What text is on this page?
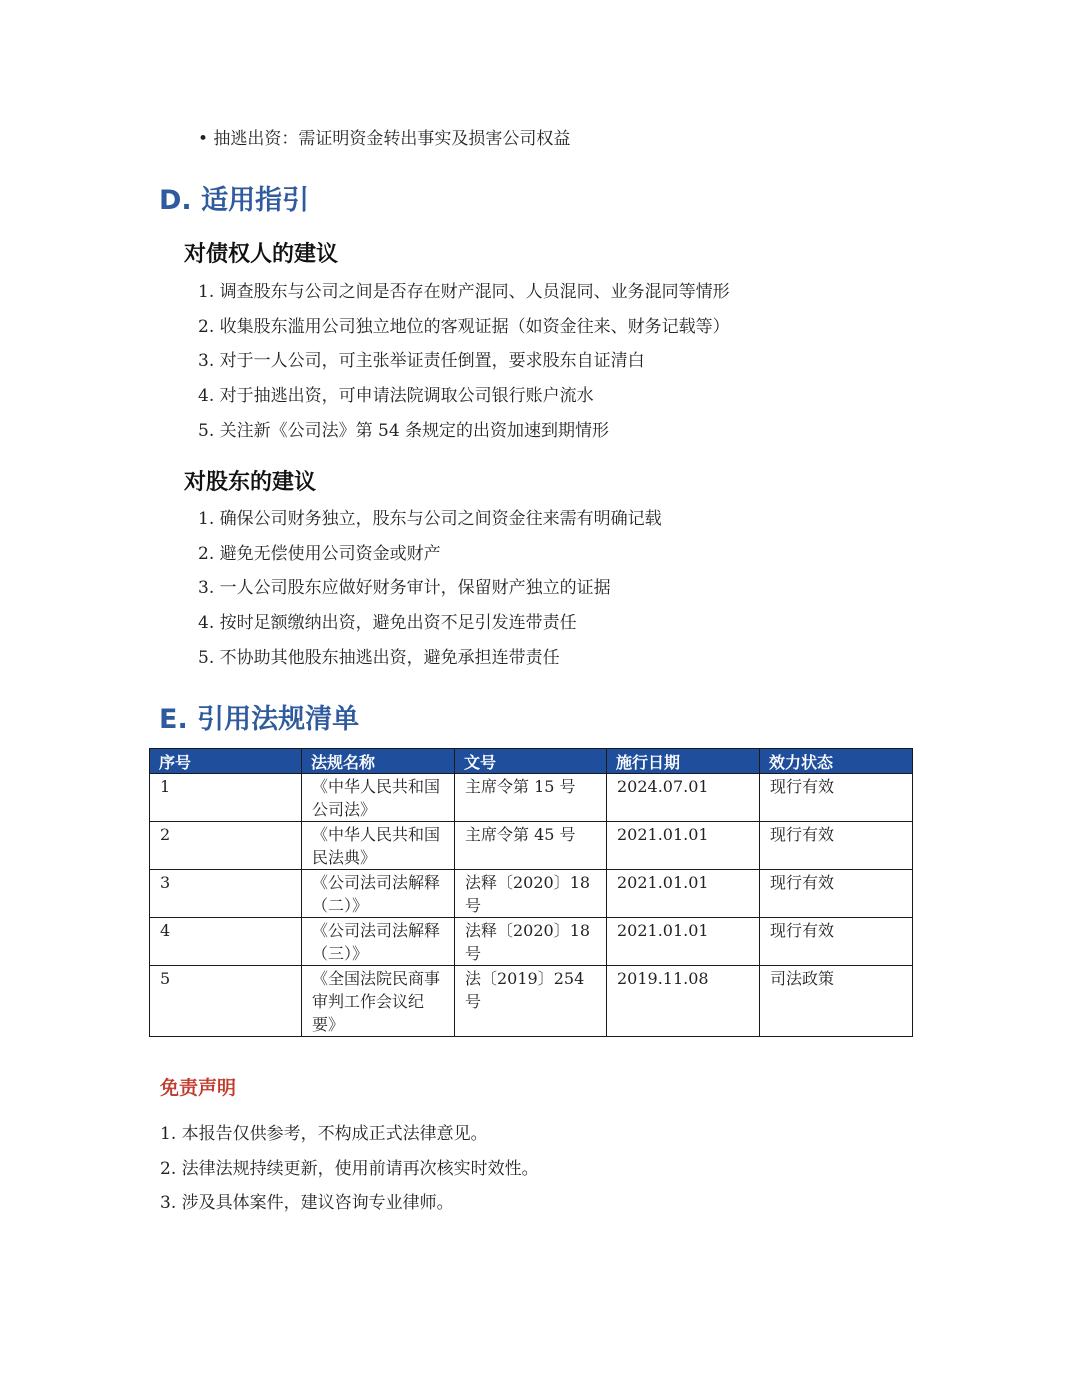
• 抽逃出资：需证明资金转出事实及损害公司权益
D. 适用指引
对债权人的建议
1. 调查股东与公司之间是否存在财产混同、人员混同、业务混同等情形
2. 收集股东滥用公司独立地位的客观证据（如资金往来、财务记载等）
3. 对于一人公司，可主张举证责任倒置，要求股东自证清白
4. 对于抽逃出资，可申请法院调取公司银行账户流水
5. 关注新《公司法》第 54 条规定的出资加速到期情形
对股东的建议
1. 确保公司财务独立，股东与公司之间资金往来需有明确记载
2. 避免无偿使用公司资金或财产
3. 一人公司股东应做好财务审计，保留财产独立的证据
4. 按时足额缴纳出资，避免出资不足引发连带责任
5. 不协助其他股东抽逃出资，避免承担连带责任
E. 引用法规清单
序号	法规名称	文号	施行日期	效力状态
1	《中华人民共和国公司法》	主席令第 15 号	2024.07.01	现行有效
2	《中华人民共和国民法典》	主席令第 45 号	2021.01.01	现行有效
3	《公司法司法解释（二）》	法释〔2020〕18 号	2021.01.01	现行有效
4	《公司法司法解释（三）》	法释〔2020〕18 号	2021.01.01	现行有效
5	《全国法院民商事审判工作会议纪要》	法〔2019〕254 号	2019.11.08	司法政策
免责声明
1. 本报告仅供参考，不构成正式法律意见。
2. 法律法规持续更新，使用前请再次核实时效性。
3. 涉及具体案件，建议咨询专业律师。
